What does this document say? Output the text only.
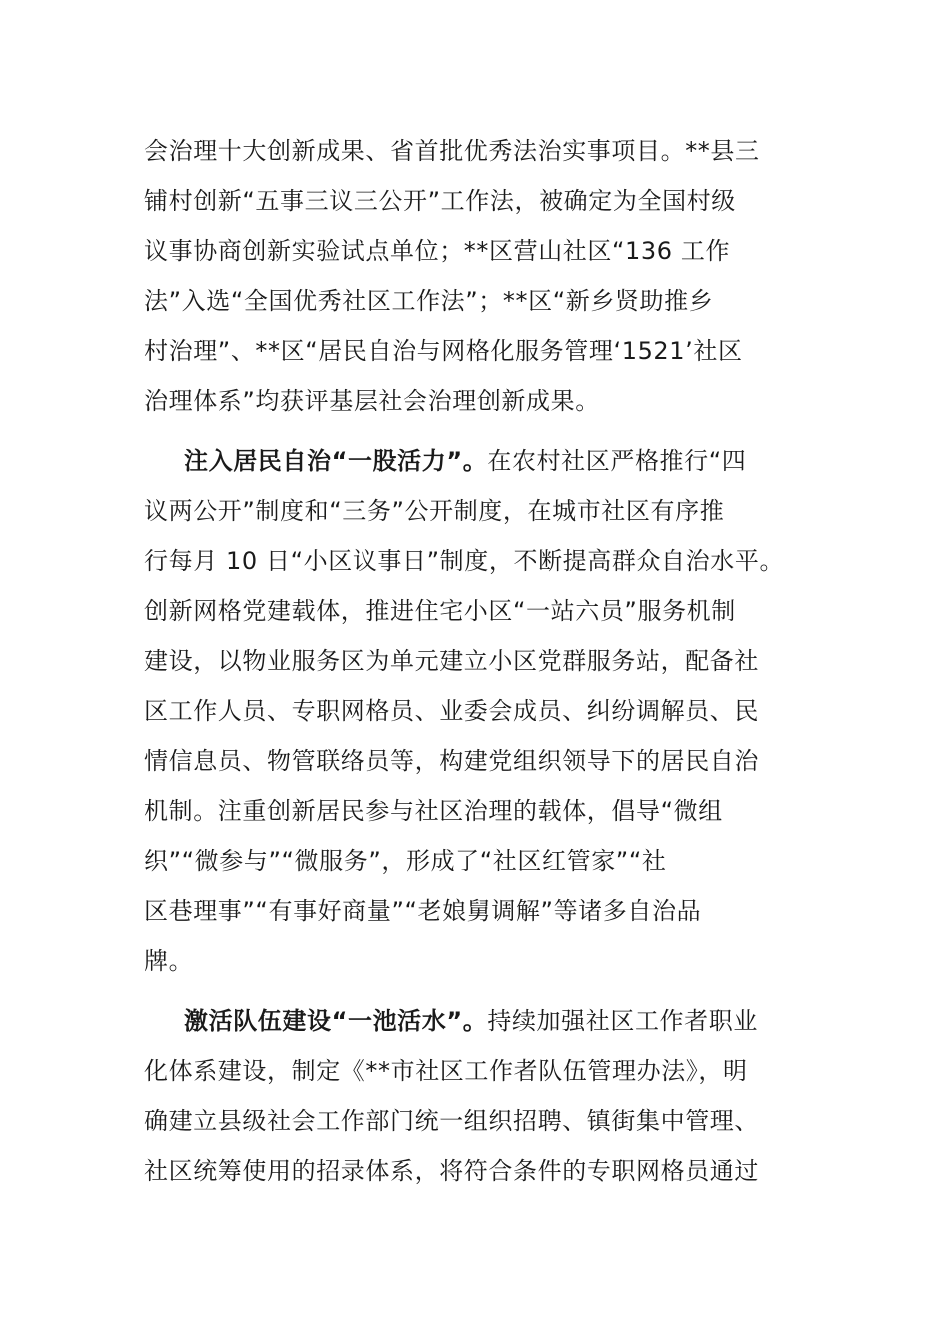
会治理十大创新成果、省首批优秀法治实事项目。**县三
铺村创新“五事三议三公开”工作法，被确定为全国村级
议事协商创新实验试点单位；**区营山社区“136 工作
法”入选“全国优秀社区工作法”；**区“新乡贤助推乡
村治理”、**区“居民自治与网格化服务管理‘1521’社区
治理体系”均获评基层社会治理创新成果。
注入居民自治“一股活力”。在农村社区严格推行“四
议两公开”制度和“三务”公开制度，在城市社区有序推
行每月 10 日“小区议事日”制度，不断提高群众自治水平。
创新网格党建载体，推进住宅小区“一站六员”服务机制
建设，以物业服务区为单元建立小区党群服务站，配备社
区工作人员、专职网格员、业委会成员、纠纷调解员、民
情信息员、物管联络员等，构建党组织领导下的居民自治
机制。注重创新居民参与社区治理的载体，倡导“微组
织”“微参与”“微服务”，形成了“社区红管家”“社
区巷理事”“有事好商量”“老娘舅调解”等诸多自治品
牌。
激活队伍建设“一池活水”。持续加强社区工作者职业
化体系建设，制定《**市社区工作者队伍管理办法》，明
确建立县级社会工作部门统一组织招聘、镇街集中管理、
社区统筹使用的招录体系，将符合条件的专职网格员通过
